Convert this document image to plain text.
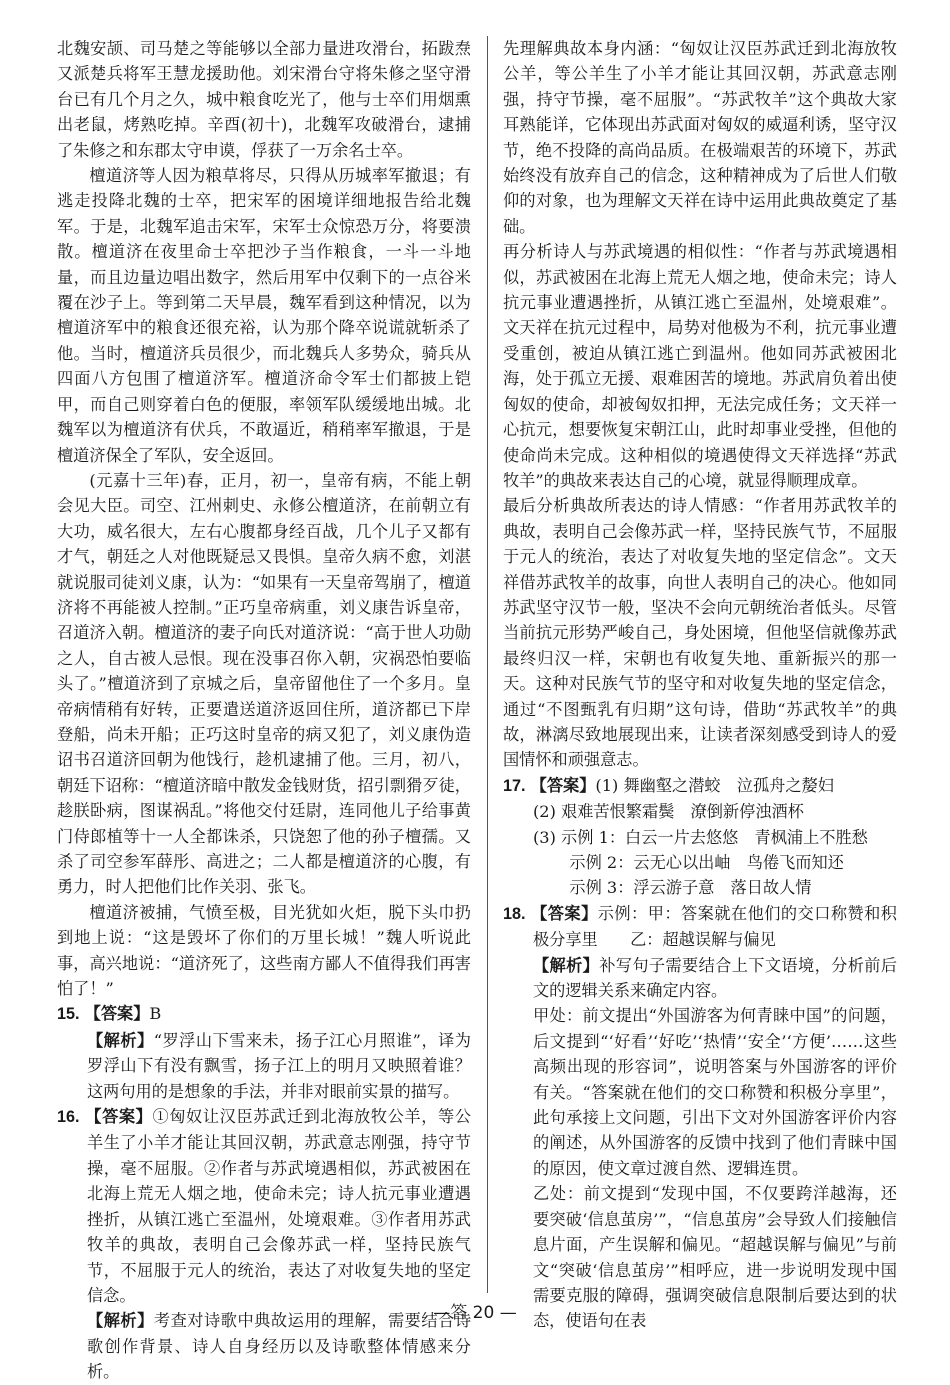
北魏安颉、司马楚之等能够以全部力量进攻滑台，拓跋焘又派楚兵将军王慧龙援助他。刘宋滑台守将朱修之坚守滑台已有几个月之久，城中粮食吃光了，他与士卒们用烟熏出老鼠，烤熟吃掉。辛酉(初十)，北魏军攻破滑台，逮捕了朱修之和东郡太守申谟，俘获了一万余名士卒。

檀道济等人因为粮草将尽，只得从历城率军撤退；有逃走投降北魏的士卒，把宋军的困境详细地报告给北魏军。于是，北魏军追击宋军，宋军士众惊恐万分，将要溃散。檀道济在夜里命士卒把沙子当作粮食，一斗一斗地量，而且边量边唱出数字，然后用军中仅剩下的一点谷米覆在沙子上。等到第二天早晨，魏军看到这种情况，以为檀道济军中的粮食还很充裕，认为那个降卒说谎就斩杀了他。当时，檀道济兵员很少，而北魏兵人多势众，骑兵从四面八方包围了檀道济军。檀道济命令军士们都披上铠甲，而自己则穿着白色的便服，率领军队缓缓地出城。北魏军以为檀道济有伏兵，不敢逼近，稍稍率军撤退，于是檀道济保全了军队，安全返回。

(元嘉十三年)春，正月，初一，皇帝有病，不能上朝会见大臣。司空、江州刺史、永修公檀道济，在前朝立有大功，威名很大，左右心腹都身经百战，几个儿子又都有才气，朝廷之人对他既疑忌又畏惧。皇帝久病不愈，刘湛就说服司徒刘义康，认为：“如果有一天皇帝驾崩了，檀道济将不再能被人控制。”正巧皇帝病重，刘义康告诉皇帝，召道济入朝。檀道济的妻子向氏对道济说：“高于世人功勋之人，自古被人忌恨。现在没事召你入朝，灾祸恐怕要临头了。”檀道济到了京城之后，皇帝留他住了一个多月。皇帝病情稍有好转，正要遣送道济返回住所，道济都已下岸登船，尚未开船；正巧这时皇帝的病又犯了，刘义康伪造诏书召道济回朝为他饯行，趁机逮捕了他。三月，初八，朝廷下诏称：“檀道济暗中散发金钱财货，招引剽猾歹徒，趁朕卧病，图谋祸乱。”将他交付廷尉，连同他儿子给事黄门侍郎植等十一人全都诛杀，只饶恕了他的孙子檀孺。又杀了司空参军薛彤、高进之；二人都是檀道济的心腹，有勇力，时人把他们比作关羽、张飞。

檀道济被捕，气愤至极，目光犹如火炬，脱下头巾扔到地上说：“这是毁坏了你们的万里长城！”魏人听说此事，高兴地说：“道济死了，这些南方鄙人不值得我们再害怕了！”

15. 【答案】B

【解析】“罗浮山下雪来未，扬子江心月照谁”，译为罗浮山下有没有飘雪，扬子江上的明月又映照着谁？这两句用的是想象的手法，并非对眼前实景的描写。

16. 【答案】①匈奴让汉臣苏武迁到北海放牧公羊，等公羊生了小羊才能让其回汉朝，苏武意志刚强，持守节操，毫不屈服。②作者与苏武境遇相似，苏武被困在北海上荒无人烟之地，使命未完；诗人抗元事业遭遇挫折，从镇江逃亡至温州，处境艰难。③作者用苏武牧羊的典故，表明自己会像苏武一样，坚持民族气节，不屈服于元人的统治，表达了对收复失地的坚定信念。

【解析】考查对诗歌中典故运用的理解，需要结合诗歌创作背景、诗人自身经历以及诗歌整体情感来分析。

先理解典故本身内涵：“匈奴让汉臣苏武迁到北海放牧公羊，等公羊生了小羊才能让其回汉朝，苏武意志刚强，持守节操，毫不屈服”。“苏武牧羊”这个典故大家耳熟能详，它体现出苏武面对匈奴的威逼利诱，坚守汉节，绝不投降的高尚品质。在极端艰苦的环境下，苏武始终没有放弃自己的信念，这种精神成为了后世人们敬仰的对象，也为理解文天祥在诗中运用此典故奠定了基础。

再分析诗人与苏武境遇的相似性：“作者与苏武境遇相似，苏武被困在北海上荒无人烟之地，使命未完；诗人抗元事业遭遇挫折，从镇江逃亡至温州，处境艰难”。文天祥在抗元过程中，局势对他极为不利，抗元事业遭受重创，被迫从镇江逃亡到温州。他如同苏武被困北海，处于孤立无援、艰难困苦的境地。苏武肩负着出使匈奴的使命，却被匈奴扣押，无法完成任务；文天祥一心抗元，想要恢复宋朝江山，此时却事业受挫，但他的使命尚未完成。这种相似的境遇使得文天祥选择“苏武牧羊”的典故来表达自己的心境，就显得顺理成章。

最后分析典故所表达的诗人情感：“作者用苏武牧羊的典故，表明自己会像苏武一样，坚持民族气节，不屈服于元人的统治，表达了对收复失地的坚定信念”。文天祥借苏武牧羊的故事，向世人表明自己的决心。他如同苏武坚守汉节一般，坚决不会向元朝统治者低头。尽管当前抗元形势严峻自己，身处困境，但他坚信就像苏武最终归汉一样，宋朝也有收复失地、重新振兴的那一天。这种对民族气节的坚守和对收复失地的坚定信念，通过“不图甄乳有归期”这句诗，借助“苏武牧羊”的典故，淋漓尽致地展现出来，让读者深刻感受到诗人的爱国情怀和顽强意志。

17. 【答案】(1) 舞幽壑之潜蛟　泣孤舟之嫠妇

(2) 艰难苦恨繁霜鬓　潦倒新停浊酒杯

(3) 示例 1：白云一片去悠悠　青枫浦上不胜愁

示例 2：云无心以出岫　鸟倦飞而知还

示例 3：浮云游子意　落日故人情

18. 【答案】示例：甲：答案就在他们的交口称赞和积极分享里　　乙：超越误解与偏见

【解析】补写句子需要结合上下文语境，分析前后文的逻辑关系来确定内容。

甲处：前文提出“外国游客为何青睐中国”的问题，后文提到“‘好看’‘好吃’‘热情’‘安全’‘方便’……这些高频出现的形容词”，说明答案与外国游客的评价有关。“答案就在他们的交口称赞和积极分享里”，此句承接上文问题，引出下文对外国游客评价内容的阐述，从外国游客的反馈中找到了他们青睐中国的原因，使文章过渡自然、逻辑连贯。

乙处：前文提到“发现中国，不仅要跨洋越海，还要突破‘信息茧房’”，“信息茧房”会导致人们接触信息片面，产生误解和偏见。“超越误解与偏见”与前文“突破‘信息茧房’”相呼应，进一步说明发现中国需要克服的障碍，强调突破信息限制后要达到的状态，使语句在表

—答 20 —
